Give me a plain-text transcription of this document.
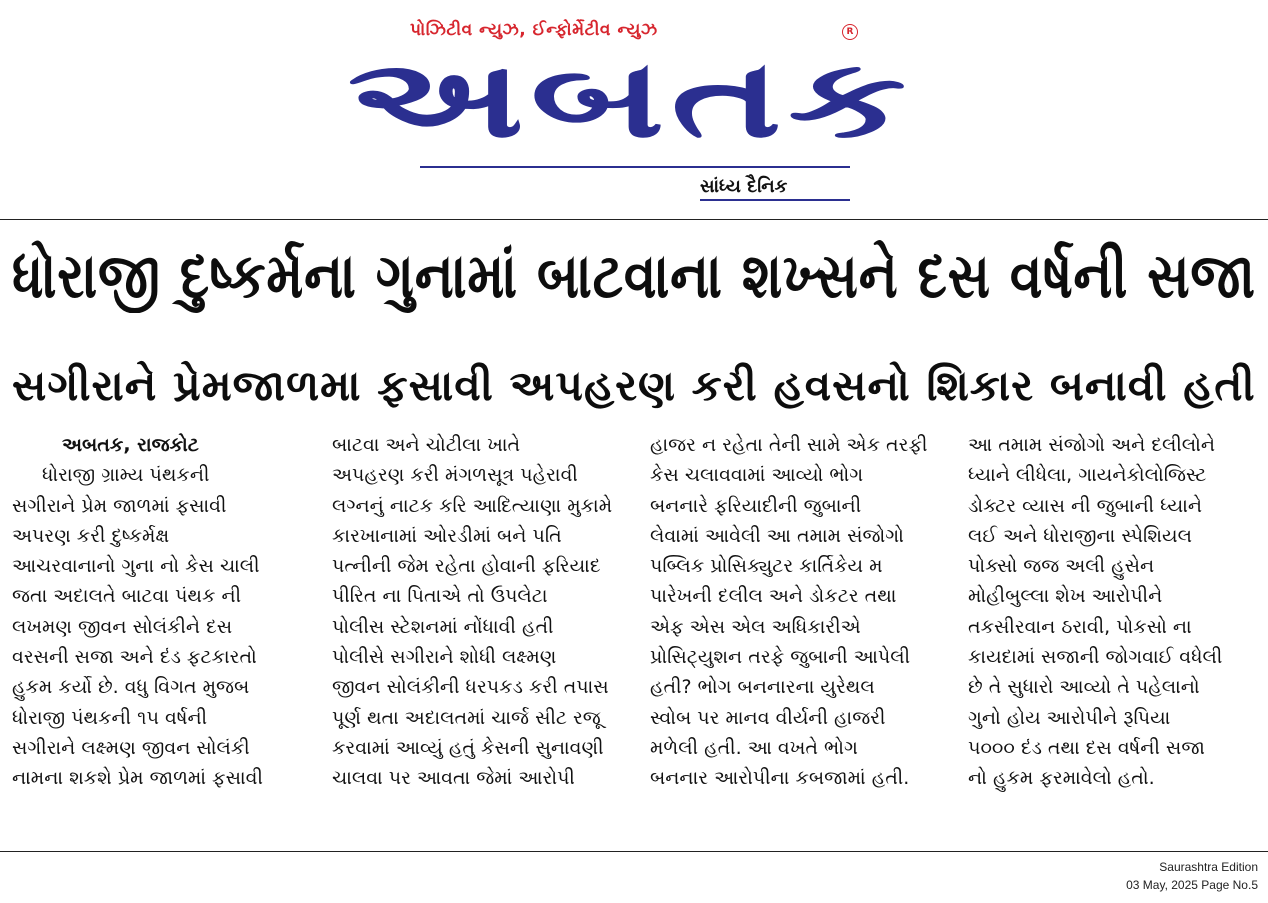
પોઝિટીવ ન્યુઝ, ઈન્ફોર્મેટીવ ન્યુઝ	R
અબતક
સાંધ્ય દૈનિક
ધોરાજી દુષ્કર્મના ગુનામાં બાટવાના શખ્સને દસ વર્ષની સજા
સગીરાને પ્રેમજાળમા ફસાવી અપહરણ કરી હવસનો શિકાર બનાવી હતી
અબતક, રાજકોટ
ધોરાજી ગ્રામ્ય પંથકની
સગીરાને પ્રેમ જાળમાં ફસાવી
અપરણ કરી દુષ્કર્મક્ષ
આચરવાનાનો ગુના નો કેસ ચાલી
જતા અદાલતે બાટવા પંથક ની
લખમણ જીવન સોલંકીને દસ
વરસની સજા અને દંડ ફટકારતો
હુકમ કર્યો છે. વધુ વિગત મુજબ
ધોરાજી પંથકની ૧૫ વર્ષની
સગીરાને લક્ષ્મણ જીવન સોલંકી
નામના શકશે પ્રેમ જાળમાં ફસાવી
બાટવા અને ચોટીલા ખાતે
અપહરણ કરી મંગળસૂત્ર પહેરાવી
લગ્નનું નાટક કરિ આદિત્યાણા મુકામે
કારખાનામાં ઓરડીમાં બને પતિ
પત્નીની જેમ રહેતા હોવાની ફરિયાદ
પીરિત ના પિતાએ તો ઉપલેટા
પોલીસ સ્ટેશનમાં નોંધાવી હતી
પોલીસે સગીરાને શોધી લક્ષ્મણ
જીવન સોલંકીની ધરપકડ કરી તપાસ
પૂર્ણ થતા અદાલતમાં ચાર્જ સીટ રજૂ
કરવામાં આવ્યું હતું કેસની સુનાવણી
ચાલવા પર આવતા જેમાં આરોપી
હાજર ન રહેતા તેની સામે એક તરફી
કેસ ચલાવવામાં આવ્યો ભોગ
બનનારે ફરિયાદીની જુબાની
લેવામાં આવેલી આ તમામ સંજોગો
પબ્લિક પ્રોસિક્યુટર કાર્તિકેય મ
પારેખની દલીલ અને ડોકટર તથા
એફ એસ એલ અધિકારીએ
પ્રોસિટ્યુશન તરફે જુબાની આપેલી
હતી? ભોગ બનનારના યુરેથલ
સ્વોબ પર માનવ વીર્યની હાજરી
મળેલી હતી. આ વખતે ભોગ
બનનાર આરોપીના કબજામાં હતી.
આ તમામ સંજોગો અને દલીલોને
ધ્યાને લીધેલા, ગાયનેકોલોજિસ્ટ
ડોક્ટર વ્યાસ ની જુબાની ધ્યાને
લઈ અને ધોરાજીના સ્પેશિયલ
પોક્સો જજ અલી હુસેન
મોહીબુલ્લા શેખ આરોપીને
તકસીરવાન ઠરાવી, પોકસો ના
કાયદામાં સજાની જોગવાઈ વધેલી
છે તે સુધારો આવ્યો તે પહેલાનો
ગુનો હોય આરોપીને રૂપિયા
૫૦૦૦ દંડ તથા દસ વર્ષની સજા
નો હુકમ ફરમાવેલો હતો.
Saurashtra Edition
03 May, 2025 Page No.5
